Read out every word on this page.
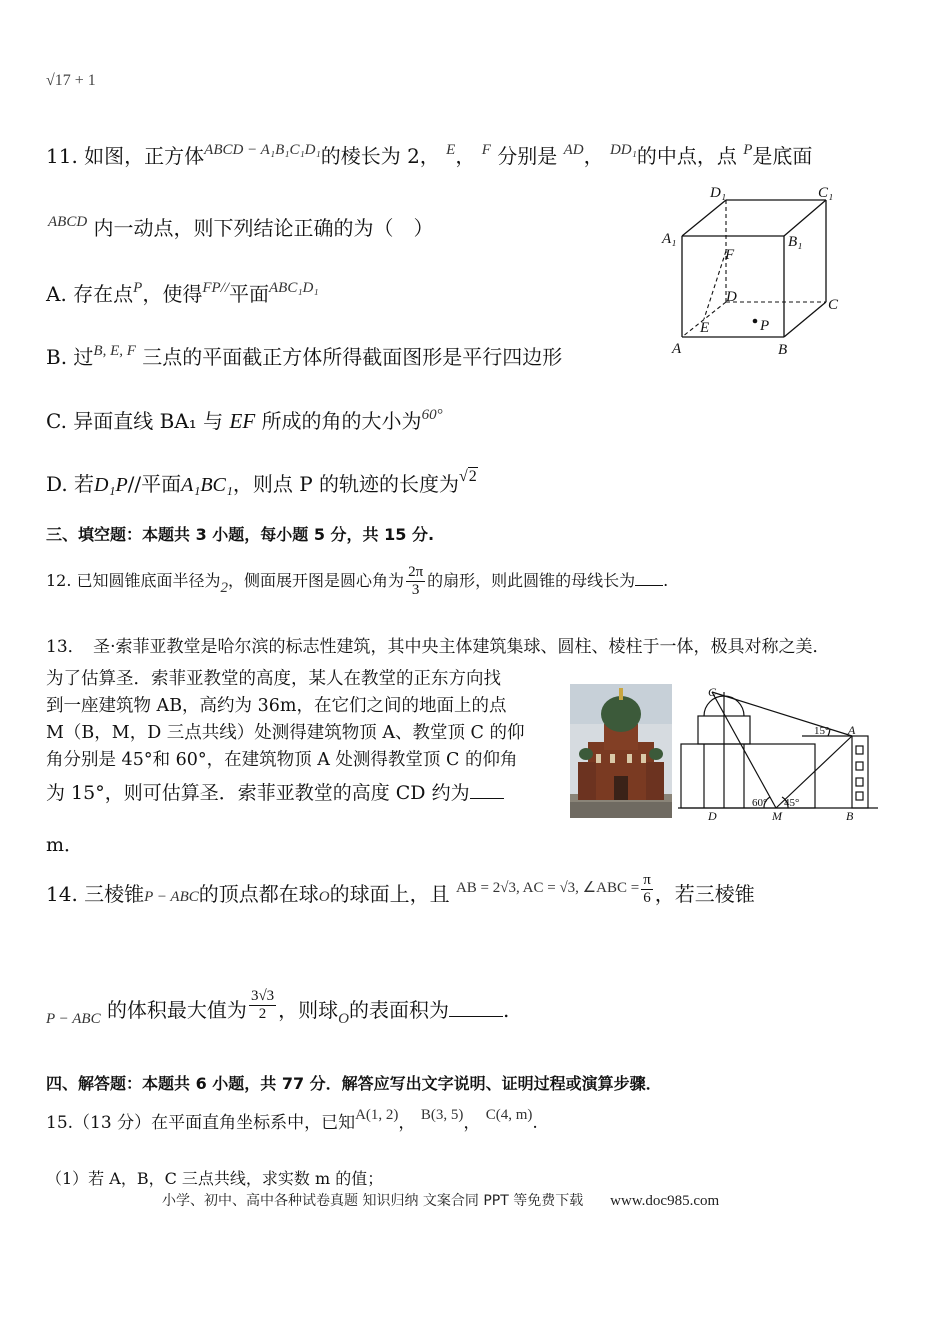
√17 + 1
11. 如图，正方体$^{ABCD - A_1B_1C_1D_1}$的棱长为 2， $^E$， $^F$ 分别是 $^{AD}$， $^{DD_1}$的中点，点 $^P$是底面
$^{ABCD}$ 内一动点，则下列结论正确的为（　）
A. 存在点$^P$，使得$^{FP//}$平面$^{ABC_1D_1}$
B. 过$^{B, E, F}$ 三点的平面截正方体所得截面图形是平行四边形
C. 异面直线 BA₁ 与 EF 所成的角的大小为$^{60^\circ}$
D. 若D₁P//平面A₁BC₁，则点 P 的轨迹的长度为$^{√2}$
D₁	C₁
A₁	B₁
F
D	C
E	P
A	B
三、填空题：本题共 3 小题，每小题 5 分，共 15 分.
12. 已知圆锥底面半径为2，侧面展开图是圆心角为 $\frac{2\pi}{3}$ 的扇形，则此圆锥的母线长为 .
13．　圣·索菲亚教堂是哈尔滨的标志性建筑，其中央主体建筑集球、圆柱、棱柱于一体，极具对称之美．
为了估算圣．索菲亚教堂的高度，某人在教堂的正东方向找
到一座建筑物 AB，高约为 36m，在它们之间的地面上的点
M（B，M，D 三点共线）处测得建筑物顶 A、教堂顶 C 的仰
角分别是 45°和 60°，在建筑物顶 A 处测得教堂顶 C 的仰角
为 15°，则可估算圣．索菲亚教堂的高度 CD 约为
m．
C
A
D	M	B
15°
60° 45°
14. 三棱锥P − ABC的顶点都在球O的球面上，且 $^{AB = 2√3, AC = √3, \angle ABC =} \frac{\pi}{6}$ ，若三棱锥
$_{P - ABC}$ 的体积最大值为 $\frac{3√3}{2}$ ，则球$_O$的表面积为	.
四、解答题：本题共 6 小题，共 77 分．解答应写出文字说明、证明过程或演算步骤．
15.（13 分）在平面直角坐标系中，已知A(1, 2)， B(3, 5)， C(4, m).
（1）若 A，B，C 三点共线，求实数 m 的值；
小学、初中、高中各种试卷真题 知识归纳 文案合同 PPT 等免费下载 www.doc985.com
